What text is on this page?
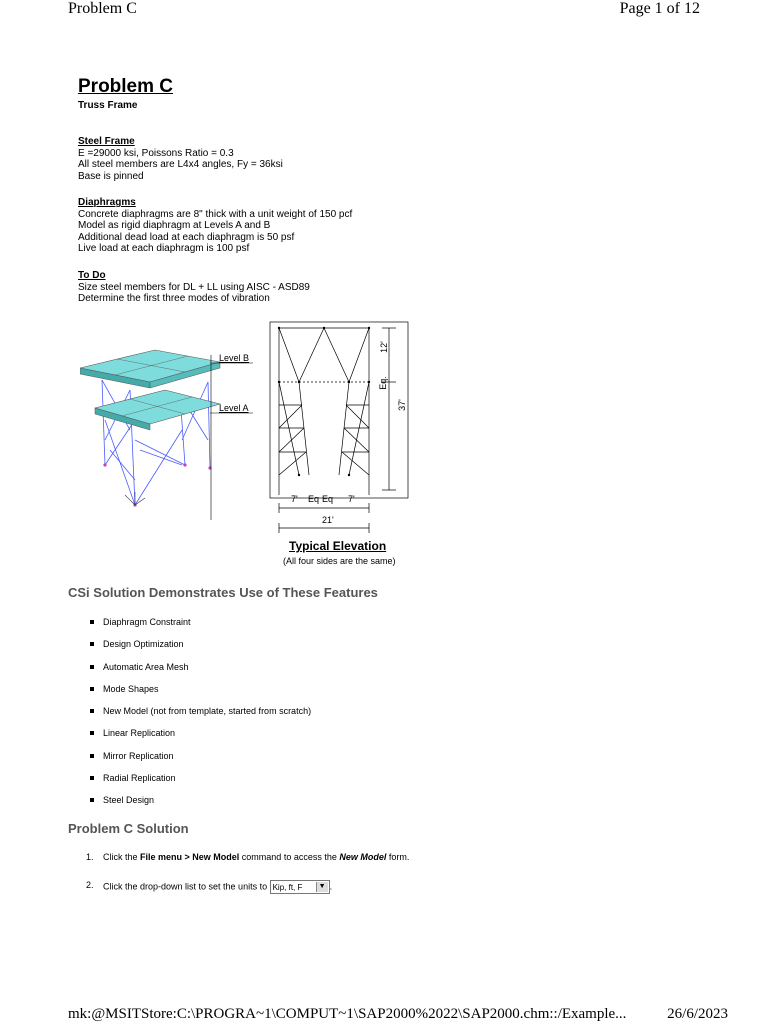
Problem C	Page 1 of 12
Problem C
Truss Frame
Steel Frame
E =29000 ksi, Poissons Ratio = 0.3
All steel members are L4x4 angles, Fy = 36ksi
Base is pinned
Diaphragms
Concrete diaphragms are 8" thick with a unit weight of 150 pcf
Model as rigid diaphragm at Levels A and B
Additional dead load at each diaphragm is 50 psf
Live load at each diaphragm is 100 psf
To Do
Size steel members for DL + LL using AISC - ASD89
Determine the first three modes of vibration
Level B
Level A
12'
37'
Eq.
7' Eq Eq 7'
21'
Typical Elevation
(All four sides are the same)
CSi Solution Demonstrates Use of These Features
Diaphragm Constraint
Design Optimization
Automatic Area Mesh
Mode Shapes
New Model (not from template, started from scratch)
Linear Replication
Mirror Replication
Radial Replication
Steel Design
Problem C Solution
1. Click the File menu > New Model command to access the New Model form.
2. Click the drop-down list to set the units to Kip, ft, F	▼ .
mk:@MSITStore:C:\PROGRA~1\COMPUT~1\SAP2000%2022\SAP2000.chm::/Example...	26/6/2023
